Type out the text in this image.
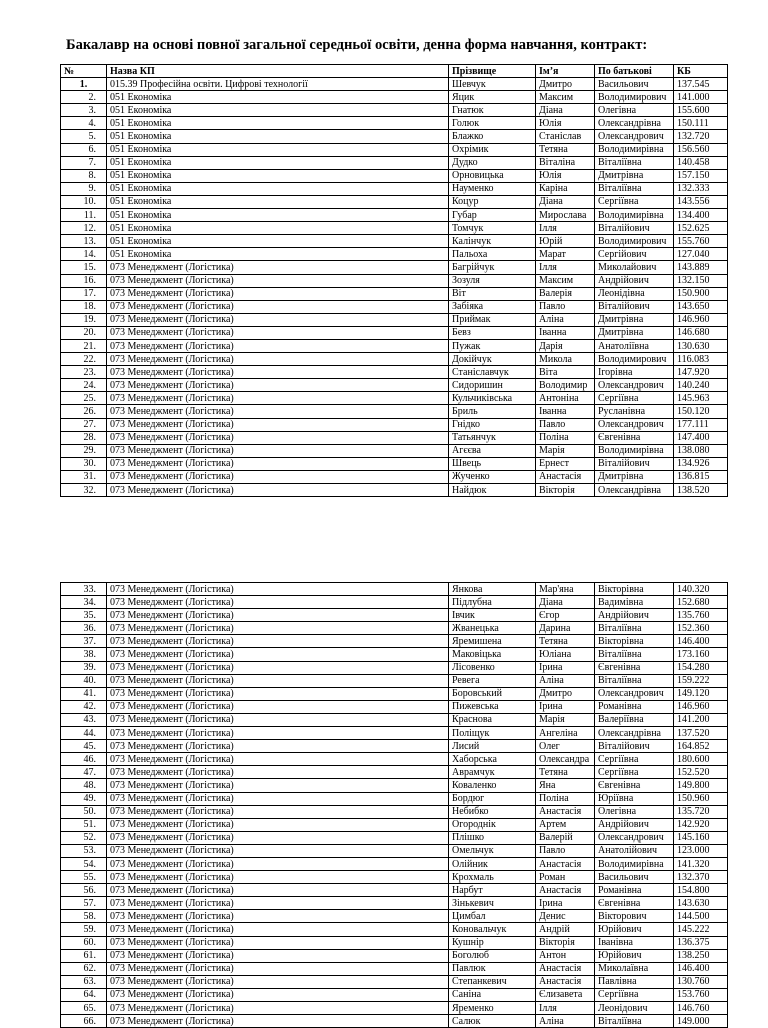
Бакалавр на основі повної загальної середньої освіти, денна форма навчання, контракт:
№	Назва КП	Прізвище	Ім’я	По батькові	КБ
1.	015.39 Професійна освіти. Цифрові технології	Шевчук	Дмитро	Васильович	137.545
2.	051 Економіка	Яцик	Максим	Володимирович	141.000
3.	051 Економіка	Гнатюк	Діана	Олегівна	155.600
4.	051 Економіка	Голюк	Юлія	Олександрівна	150.111
5.	051 Економіка	Блажко	Станіслав	Олександрович	132.720
6.	051 Економіка	Охрімик	Тетяна	Володимирівна	156.560
7.	051 Економіка	Дудко	Віталіна	Віталіївна	140.458
8.	051 Економіка	Орновицька	Юлія	Дмитрівна	157.150
9.	051 Економіка	Науменко	Каріна	Віталіївна	132.333
10.	051 Економіка	Коцур	Діана	Сергіївна	143.556
11.	051 Економіка	Губар	Мирослава	Володимирівна	134.400
12.	051 Економіка	Томчук	Ілля	Віталійович	152.625
13.	051 Економіка	Калінчук	Юрій	Володимирович	155.760
14.	051 Економіка	Пальоха	Марат	Сергійович	127.040
15.	073 Менеджмент (Логістика)	Багрійчук	Ілля	Миколайович	143.889
16.	073 Менеджмент (Логістика)	Зозуля	Максим	Андрійович	132.150
17.	073 Менеджмент (Логістика)	Віт	Валерія	Леонідівна	150.900
18.	073 Менеджмент (Логістика)	Забіяка	Павло	Віталійович	143.650
19.	073 Менеджмент (Логістика)	Приймак	Аліна	Дмитрівна	146.960
20.	073 Менеджмент (Логістика)	Бевз	Іванна	Дмитрівна	146.680
21.	073 Менеджмент (Логістика)	Пужак	Дарія	Анатоліївна	130.630
22.	073 Менеджмент (Логістика)	Докійчук	Микола	Володимирович	116.083
23.	073 Менеджмент (Логістика)	Станіславчук	Віта	Ігорівна	147.920
24.	073 Менеджмент (Логістика)	Сидоришин	Володимир	Олександрович	140.240
25.	073 Менеджмент (Логістика)	Кульчиківська	Антоніна	Сергіївна	145.963
26.	073 Менеджмент (Логістика)	Бриль	Іванна	Русланівна	150.120
27.	073 Менеджмент (Логістика)	Гнідко	Павло	Олександрович	177.111
28.	073 Менеджмент (Логістика)	Татьянчук	Поліна	Євгенівна	147.400
29.	073 Менеджмент (Логістика)	Агєєва	Марія	Володимирівна	138.080
30.	073 Менеджмент (Логістика)	Швець	Ернест	Віталійович	134.926
31.	073 Менеджмент (Логістика)	Жученко	Анастасія	Дмитрівна	136.815
32.	073 Менеджмент (Логістика)	Найдюк	Вікторія	Олександрівна	138.520
33.	073 Менеджмент (Логістика)	Янкова	Мар'яна	Вікторівна	140.320
34.	073 Менеджмент (Логістика)	Підлубна	Діана	Вадимівна	152.680
35.	073 Менеджмент (Логістика)	Івчик	Єгор	Андрійович	135.760
36.	073 Менеджмент (Логістика)	Жванецька	Дарина	Віталіївна	152.360
37.	073 Менеджмент (Логістика)	Яремишена	Тетяна	Вікторівна	146.400
38.	073 Менеджмент (Логістика)	Маковіцька	Юліана	Віталіївна	173.160
39.	073 Менеджмент (Логістика)	Лісовенко	Ірина	Євгенівна	154.280
40.	073 Менеджмент (Логістика)	Ревега	Аліна	Віталіївна	159.222
41.	073 Менеджмент (Логістика)	Боровський	Дмитро	Олександрович	149.120
42.	073 Менеджмент (Логістика)	Пижевська	Ірина	Романівна	146.960
43.	073 Менеджмент (Логістика)	Краснова	Марія	Валеріївна	141.200
44.	073 Менеджмент (Логістика)	Поліщук	Ангеліна	Олександрівна	137.520
45.	073 Менеджмент (Логістика)	Лисий	Олег	Віталійович	164.852
46.	073 Менеджмент (Логістика)	Хаборська	Олександра	Сергіївна	180.600
47.	073 Менеджмент (Логістика)	Аврамчук	Тетяна	Сергіївна	152.520
48.	073 Менеджмент (Логістика)	Коваленко	Яна	Євгенівна	149.800
49.	073 Менеджмент (Логістика)	Бордюг	Поліна	Юріївна	150.960
50.	073 Менеджмент (Логістика)	Небибко	Анастасія	Олегівна	135.720
51.	073 Менеджмент (Логістика)	Огороднік	Артем	Андрійович	142.920
52.	073 Менеджмент (Логістика)	Плішко	Валерій	Олександрович	145.160
53.	073 Менеджмент (Логістика)	Омельчук	Павло	Анатолійович	123.000
54.	073 Менеджмент (Логістика)	Олійник	Анастасія	Володимирівна	141.320
55.	073 Менеджмент (Логістика)	Крохмаль	Роман	Васильович	132.370
56.	073 Менеджмент (Логістика)	Нарбут	Анастасія	Романівна	154.800
57.	073 Менеджмент (Логістика)	Зінькевич	Ірина	Євгенівна	143.630
58.	073 Менеджмент (Логістика)	Цимбал	Денис	Вікторович	144.500
59.	073 Менеджмент (Логістика)	Коновальчук	Андрій	Юрійович	145.222
60.	073 Менеджмент (Логістика)	Кушнір	Вікторія	Іванівна	136.375
61.	073 Менеджмент (Логістика)	Боголюб	Антон	Юрійович	138.250
62.	073 Менеджмент (Логістика)	Павлюк	Анастасія	Миколаївна	146.400
63.	073 Менеджмент (Логістика)	Степанкевич	Анастасія	Павлівна	130.760
64.	073 Менеджмент (Логістика)	Саніна	Єлизавета	Сергіївна	153.760
65.	073 Менеджмент (Логістика)	Яременко	Ілля	Леонідович	146.760
66.	073 Менеджмент (Логістика)	Салюк	Аліна	Віталіївна	149.000
